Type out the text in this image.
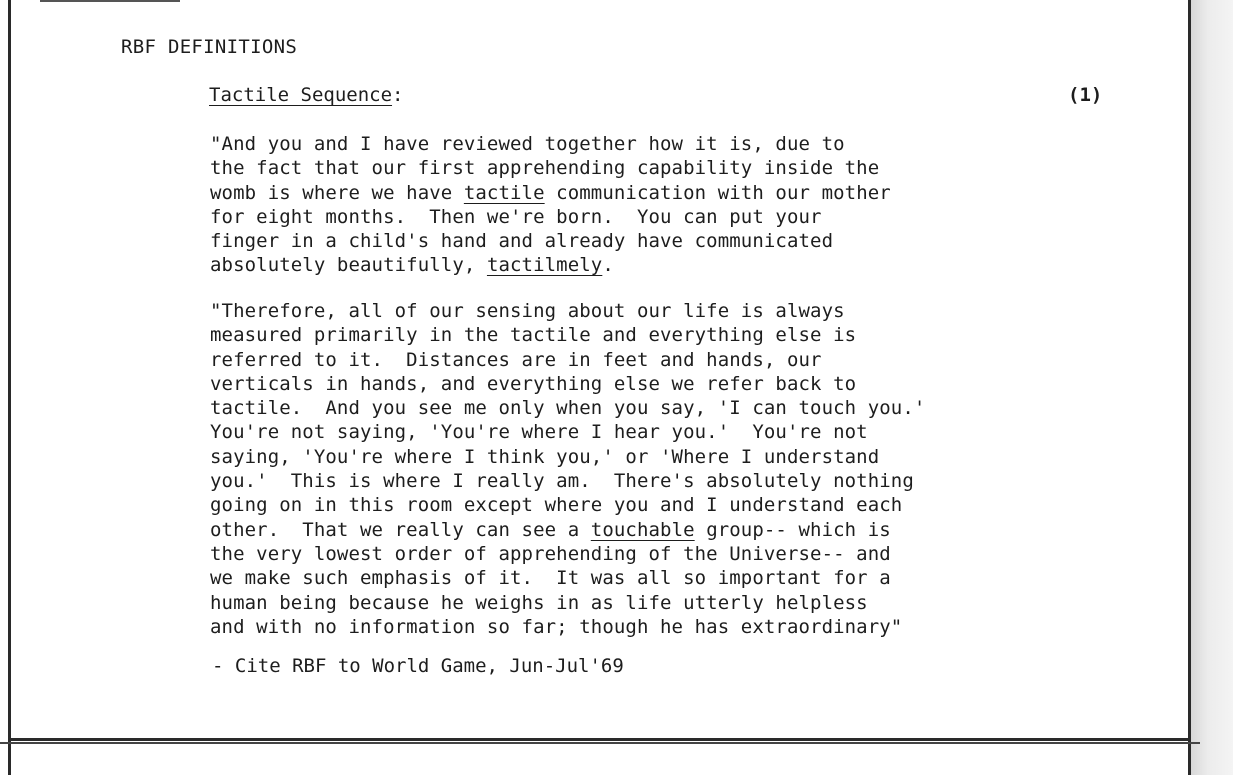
RBF DEFINITIONS
Tactile Sequence:	(1)
"And you and I have reviewed together how it is, due to
the fact that our first apprehending capability inside the
womb is where we have tactile communication with our mother
for eight months.  Then we're born.  You can put your
finger in a child's hand and already have communicated
absolutely beautifully, tactilmely.
"Therefore, all of our sensing about our life is always
measured primarily in the tactile and everything else is
referred to it.  Distances are in feet and hands, our
verticals in hands, and everything else we refer back to
tactile.  And you see me only when you say, 'I can touch you.'
You're not saying, 'You're where I hear you.'  You're not
saying, 'You're where I think you,' or 'Where I understand
you.'  This is where I really am.  There's absolutely nothing
going on in this room except where you and I understand each
other.  That we really can see a touchable group-- which is
the very lowest order of apprehending of the Universe-- and
we make such emphasis of it.  It was all so important for a
human being because he weighs in as life utterly helpless
and with no information so far; though he has extraordinary"
- Cite RBF to World Game, Jun-Jul'69
